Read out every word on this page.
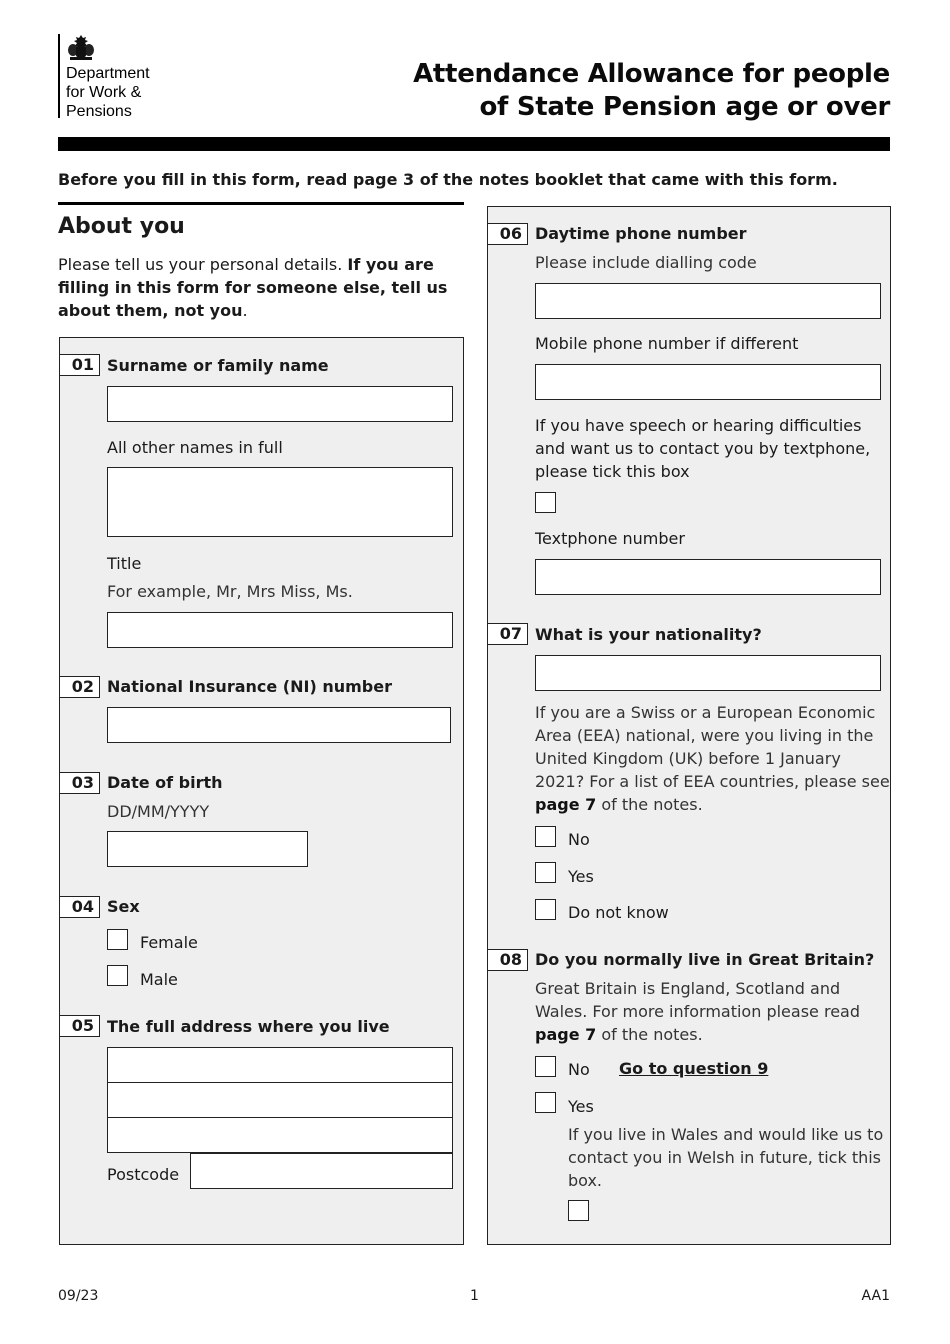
Department
for Work &
Pensions
Attendance Allowance for people
of State Pension age or over
Before you fill in this form, read page 3 of the notes booklet that came with this form.
About you
Please tell us your personal details. If you are filling in this form for someone else, tell us about them, not you.
01 Surname or family name
All other names in full
Title
For example, Mr, Mrs Miss, Ms.
02 National Insurance (NI) number
03 Date of birth
DD/MM/YYYY
04 Sex
Female
Male
05 The full address where you live
Postcode
06 Daytime phone number
Please include dialling code
Mobile phone number if different
If you have speech or hearing difficulties and want us to contact you by textphone, please tick this box
Textphone number
07 What is your nationality?
If you are a Swiss or a European Economic Area (EEA) national, were you living in the United Kingdom (UK) before 1 January 2021? For a list of EEA countries, please see page 7 of the notes.
No
Yes
Do not know
08 Do you normally live in Great Britain?
Great Britain is England, Scotland and Wales. For more information please read page 7 of the notes.
No Go to question 9
Yes
If you live in Wales and would like us to contact you in Welsh in future, tick this box.
09/23	1	AA1
